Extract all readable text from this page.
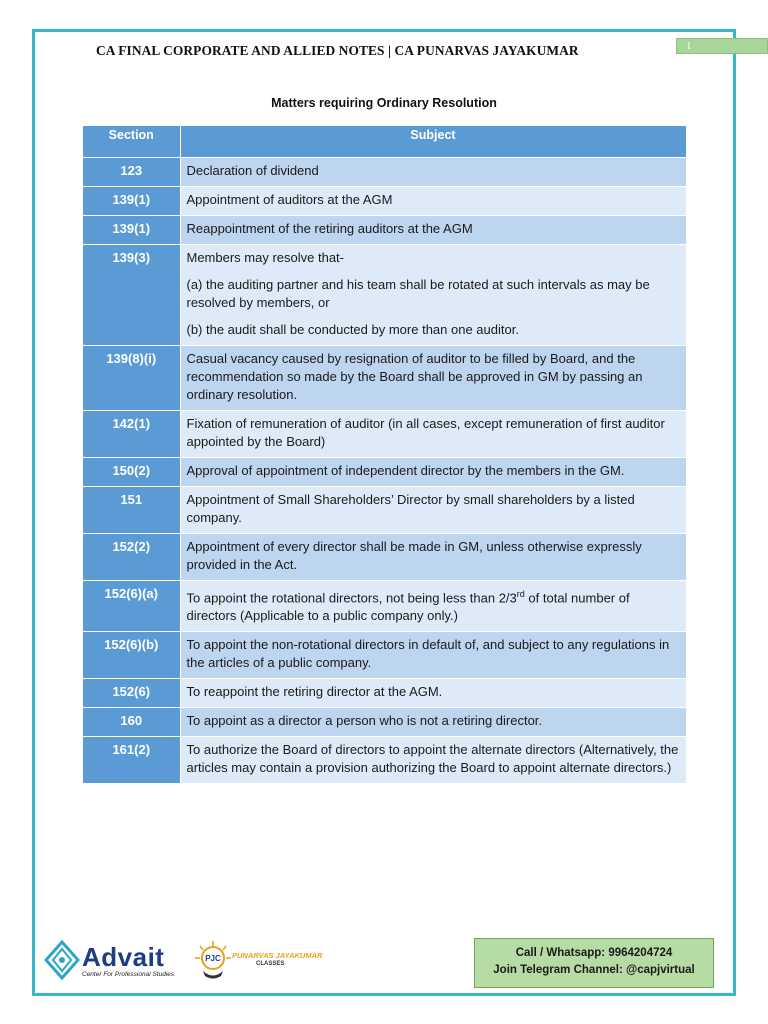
1
CA FINAL CORPORATE AND ALLIED NOTES | CA PUNARVAS JAYAKUMAR
Matters requiring Ordinary Resolution
Section	Subject
123	Declaration of dividend

139(1)	Appointment of auditors at the AGM

139(1)	Reappointment of the retiring auditors at the AGM

139(3)	Members may resolve that-

(a) the auditing partner and his team shall be rotated at such intervals as may be resolved by members, or

(b) the audit shall be conducted by more than one auditor.

139(8)(i)	Casual vacancy caused by resignation of auditor to be filled by Board, and the recommendation so made by the Board shall be approved in GM by passing an ordinary resolution.

142(1)	Fixation of remuneration of auditor (in all cases, except remuneration of first auditor appointed by the Board)

150(2)	Approval of appointment of independent director by the members in the GM.

151	Appointment of Small Shareholders’ Director by small shareholders by a listed company.

152(2)	Appointment of every director shall be made in GM, unless otherwise expressly provided in the Act.

152(6)(a)	To appoint the rotational directors, not being less than 2/3rd of total number of directors (Applicable to a public company only.)

152(6)(b)	To appoint the non-rotational directors in default of, and subject to any regulations in the articles of a public company.

152(6)	To reappoint the retiring director at the AGM.

160	To appoint as a director a person who is not a retiring director.

161(2)	To authorize the Board of directors to appoint the alternate directors (Alternatively, the articles may contain a provision authorizing the Board to appoint alternate directors.)

Advait
Center For Professional Studies
PJC PUNARVAS JAYAKUMAR
CLASSES
Call / Whatsapp: 9964204724
Join Telegram Channel: @capjvirtual
